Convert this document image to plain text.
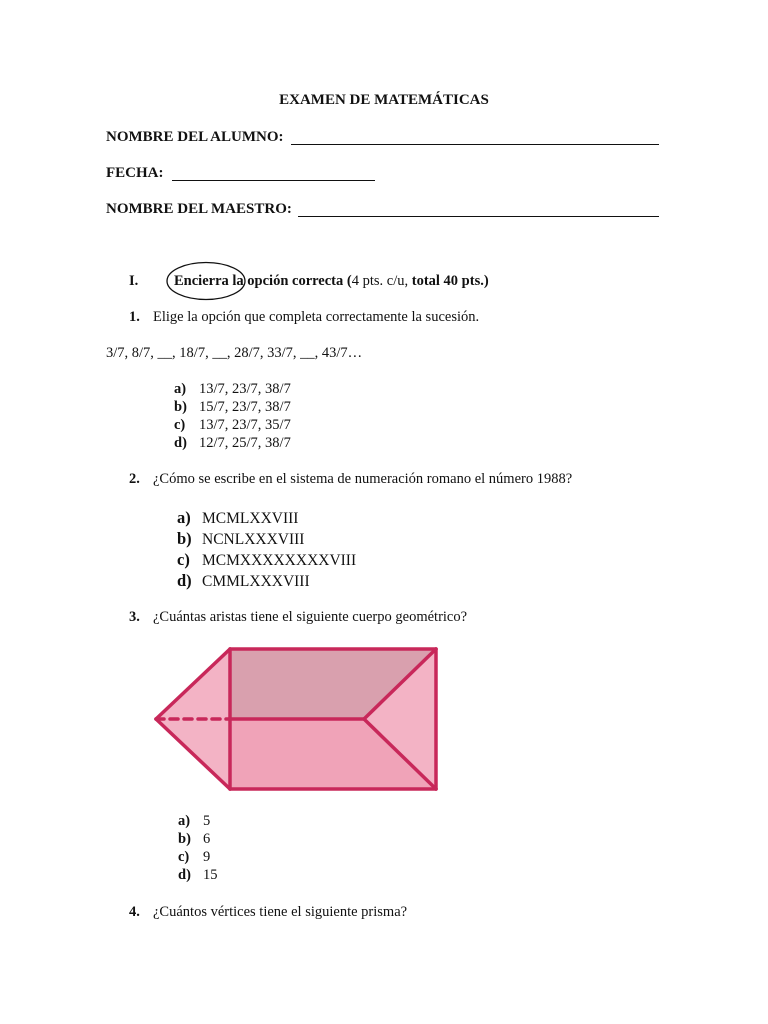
EXAMEN DE MATEMÁTICAS
NOMBRE DEL ALUMNO:
FECHA:
NOMBRE DEL MAESTRO:
I. Encierra la opción correcta (4 pts. c/u, total 40 pts.)
1. Elige la opción que completa correctamente la sucesión.
3/7, 8/7, __, 18/7, __, 28/7, 33/7, __, 43/7…
a) 13/7, 23/7, 38/7
b) 15/7, 23/7, 38/7
c) 13/7, 23/7, 35/7
d) 12/7, 25/7, 38/7
2. ¿Cómo se escribe en el sistema de numeración romano el número 1988?
a) MCMLXXVIII
b) NCNLXXXVIII
c) MCMXXXXXXXXVIII
d) CMMLXXXVIII
3. ¿Cuántas aristas tiene el siguiente cuerpo geométrico?
a) 5
b) 6
c) 9
d) 15
4. ¿Cuántos vértices tiene el siguiente prisma?
